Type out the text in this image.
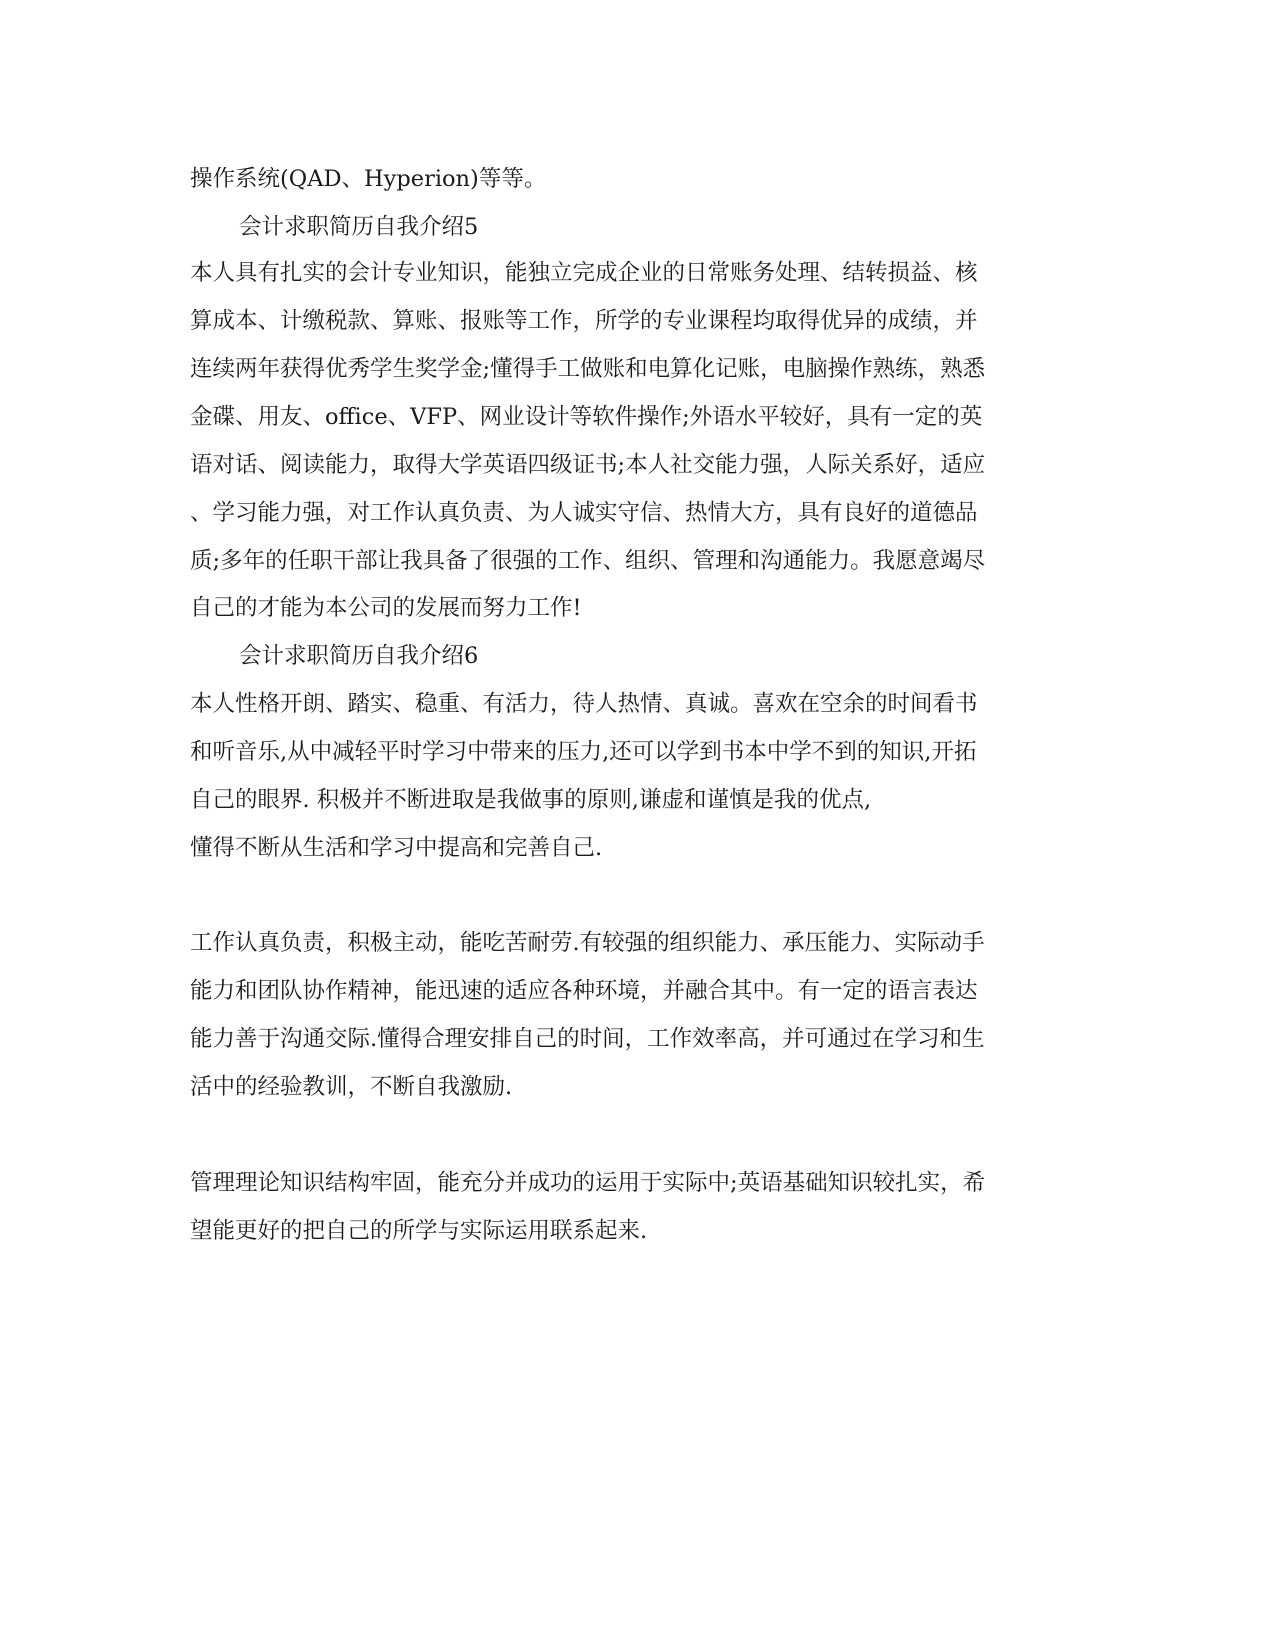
操作系统(QAD、Hyperion)等等。
会计求职简历自我介绍5
本人具有扎实的会计专业知识，能独立完成企业的日常账务处理、结转损益、核
算成本、计缴税款、算账、报账等工作，所学的专业课程均取得优异的成绩，并
连续两年获得优秀学生奖学金;懂得手工做账和电算化记账，电脑操作熟练，熟悉
金碟、用友、office、VFP、网业设计等软件操作;外语水平较好，具有一定的英
语对话、阅读能力，取得大学英语四级证书;本人社交能力强，人际关系好，适应
、学习能力强，对工作认真负责、为人诚实守信、热情大方，具有良好的道德品
质;多年的任职干部让我具备了很强的工作、组织、管理和沟通能力。我愿意竭尽
自己的才能为本公司的发展而努力工作!
会计求职简历自我介绍6
本人性格开朗、踏实、稳重、有活力，待人热情、真诚。喜欢在空余的时间看书
和听音乐,从中减轻平时学习中带来的压力,还可以学到书本中学不到的知识,开拓
自己的眼界. 积极并不断进取是我做事的原则,谦虚和谨慎是我的优点,
懂得不断从生活和学习中提高和完善自己.
工作认真负责，积极主动，能吃苦耐劳.有较强的组织能力、承压能力、实际动手
能力和团队协作精神，能迅速的适应各种环境，并融合其中。有一定的语言表达
能力善于沟通交际.懂得合理安排自己的时间，工作效率高，并可通过在学习和生
活中的经验教训，不断自我激励.
管理理论知识结构牢固，能充分并成功的运用于实际中;英语基础知识较扎实，希
望能更好的把自己的所学与实际运用联系起来.
